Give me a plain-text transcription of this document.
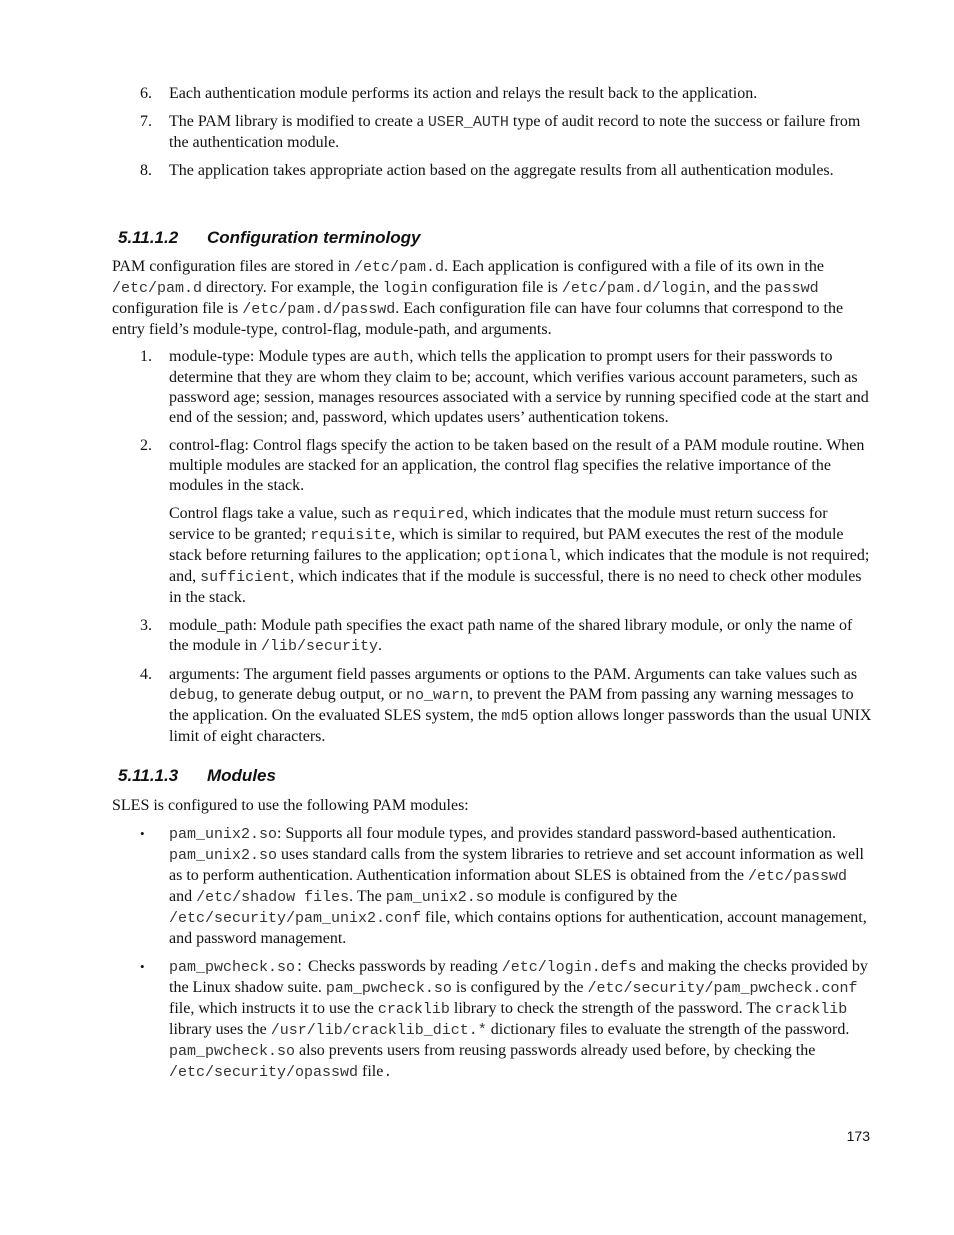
6. Each authentication module performs its action and relays the result back to the application.
7. The PAM library is modified to create a USER_AUTH type of audit record to note the success or failure from the authentication module.
8. The application takes appropriate action based on the aggregate results from all authentication modules.
5.11.1.2 Configuration terminology
PAM configuration files are stored in /etc/pam.d. Each application is configured with a file of its own in the /etc/pam.d directory. For example, the login configuration file is /etc/pam.d/login, and the passwd configuration file is /etc/pam.d/passwd. Each configuration file can have four columns that correspond to the entry field’s module-type, control-flag, module-path, and arguments.
1. module-type: Module types are auth, which tells the application to prompt users for their passwords to determine that they are whom they claim to be; account, which verifies various account parameters, such as password age; session, manages resources associated with a service by running specified code at the start and end of the session; and, password, which updates users’ authentication tokens.
2. control-flag: Control flags specify the action to be taken based on the result of a PAM module routine. When multiple modules are stacked for an application, the control flag specifies the relative importance of the modules in the stack.
Control flags take a value, such as required, which indicates that the module must return success for service to be granted; requisite, which is similar to required, but PAM executes the rest of the module stack before returning failures to the application; optional, which indicates that the module is not required; and, sufficient, which indicates that if the module is successful, there is no need to check other modules in the stack.
3. module_path: Module path specifies the exact path name of the shared library module, or only the name of the module in /lib/security.
4. arguments: The argument field passes arguments or options to the PAM. Arguments can take values such as debug, to generate debug output, or no_warn, to prevent the PAM from passing any warning messages to the application. On the evaluated SLES system, the md5 option allows longer passwords than the usual UNIX limit of eight characters.
5.11.1.3 Modules
SLES is configured to use the following PAM modules:
• pam_unix2.so: Supports all four module types, and provides standard password-based authentication. pam_unix2.so uses standard calls from the system libraries to retrieve and set account information as well as to perform authentication. Authentication information about SLES is obtained from the /etc/passwd and /etc/shadow files. The pam_unix2.so module is configured by the /etc/security/pam_unix2.conf file, which contains options for authentication, account management, and password management.
• pam_pwcheck.so: Checks passwords by reading /etc/login.defs and making the checks provided by the Linux shadow suite. pam_pwcheck.so is configured by the /etc/security/pam_pwcheck.conf file, which instructs it to use the cracklib library to check the strength of the password. The cracklib library uses the /usr/lib/cracklib_dict.* dictionary files to evaluate the strength of the password. pam_pwcheck.so also prevents users from reusing passwords already used before, by checking the /etc/security/opasswd file.
173
